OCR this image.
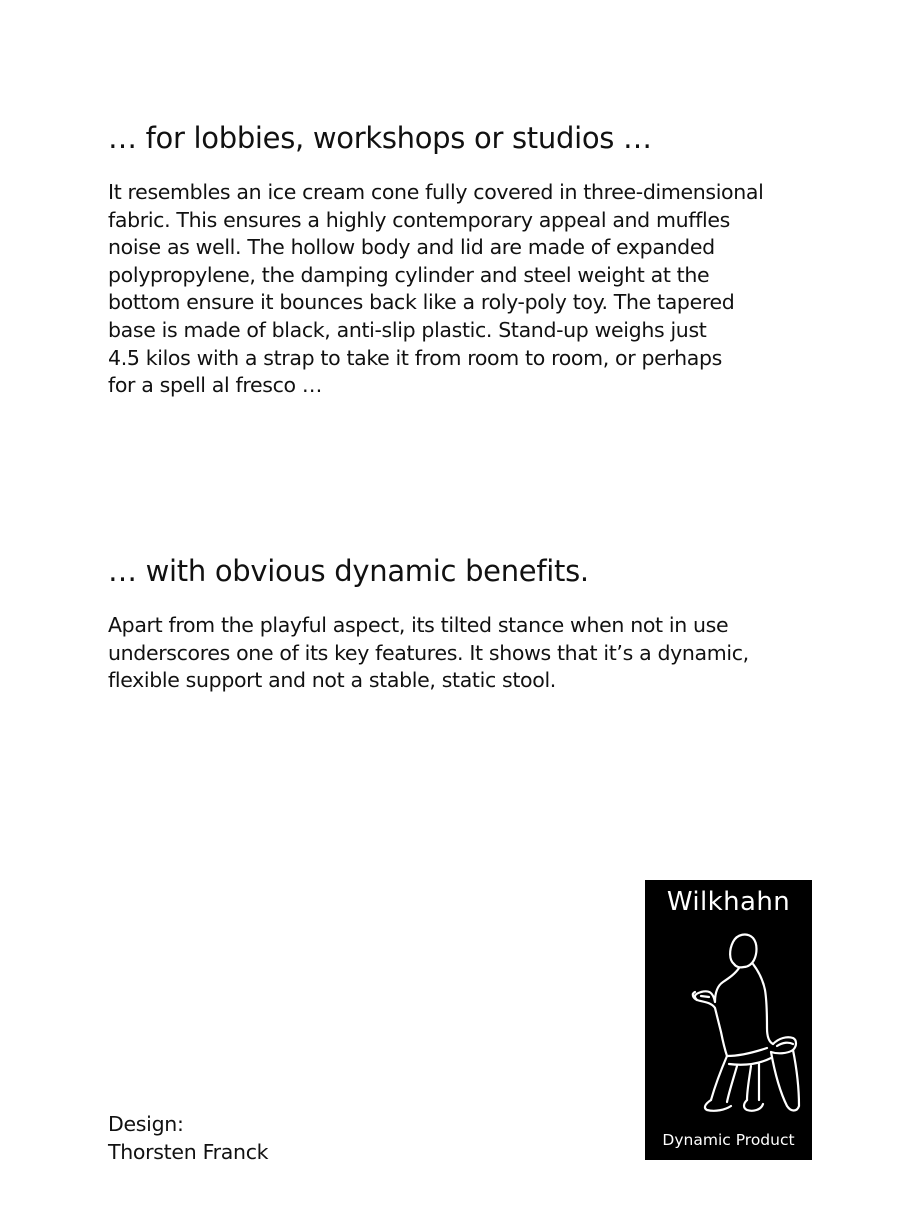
… for lobbies, workshops or studios …

It resembles an ice cream cone fully covered in three-dimensional
fabric. This ensures a highly contemporary appeal and muffles
noise as well. The hollow body and lid are made of expanded
polypropylene, the damping cylinder and steel weight at the
bottom ensure it bounces back like a roly-poly toy. The tapered
base is made of black, anti-slip plastic. Stand-up weighs just
4.5 kilos with a strap to take it from room to room, or perhaps
for a spell al fresco …

… with obvious dynamic benefits.

Apart from the playful aspect, its tilted stance when not in use
underscores one of its key features. It shows that it’s a dynamic,
flexible support and not a stable, static stool.

Design:
Thorsten Franck
Wilkhahn
Dynamic Product
